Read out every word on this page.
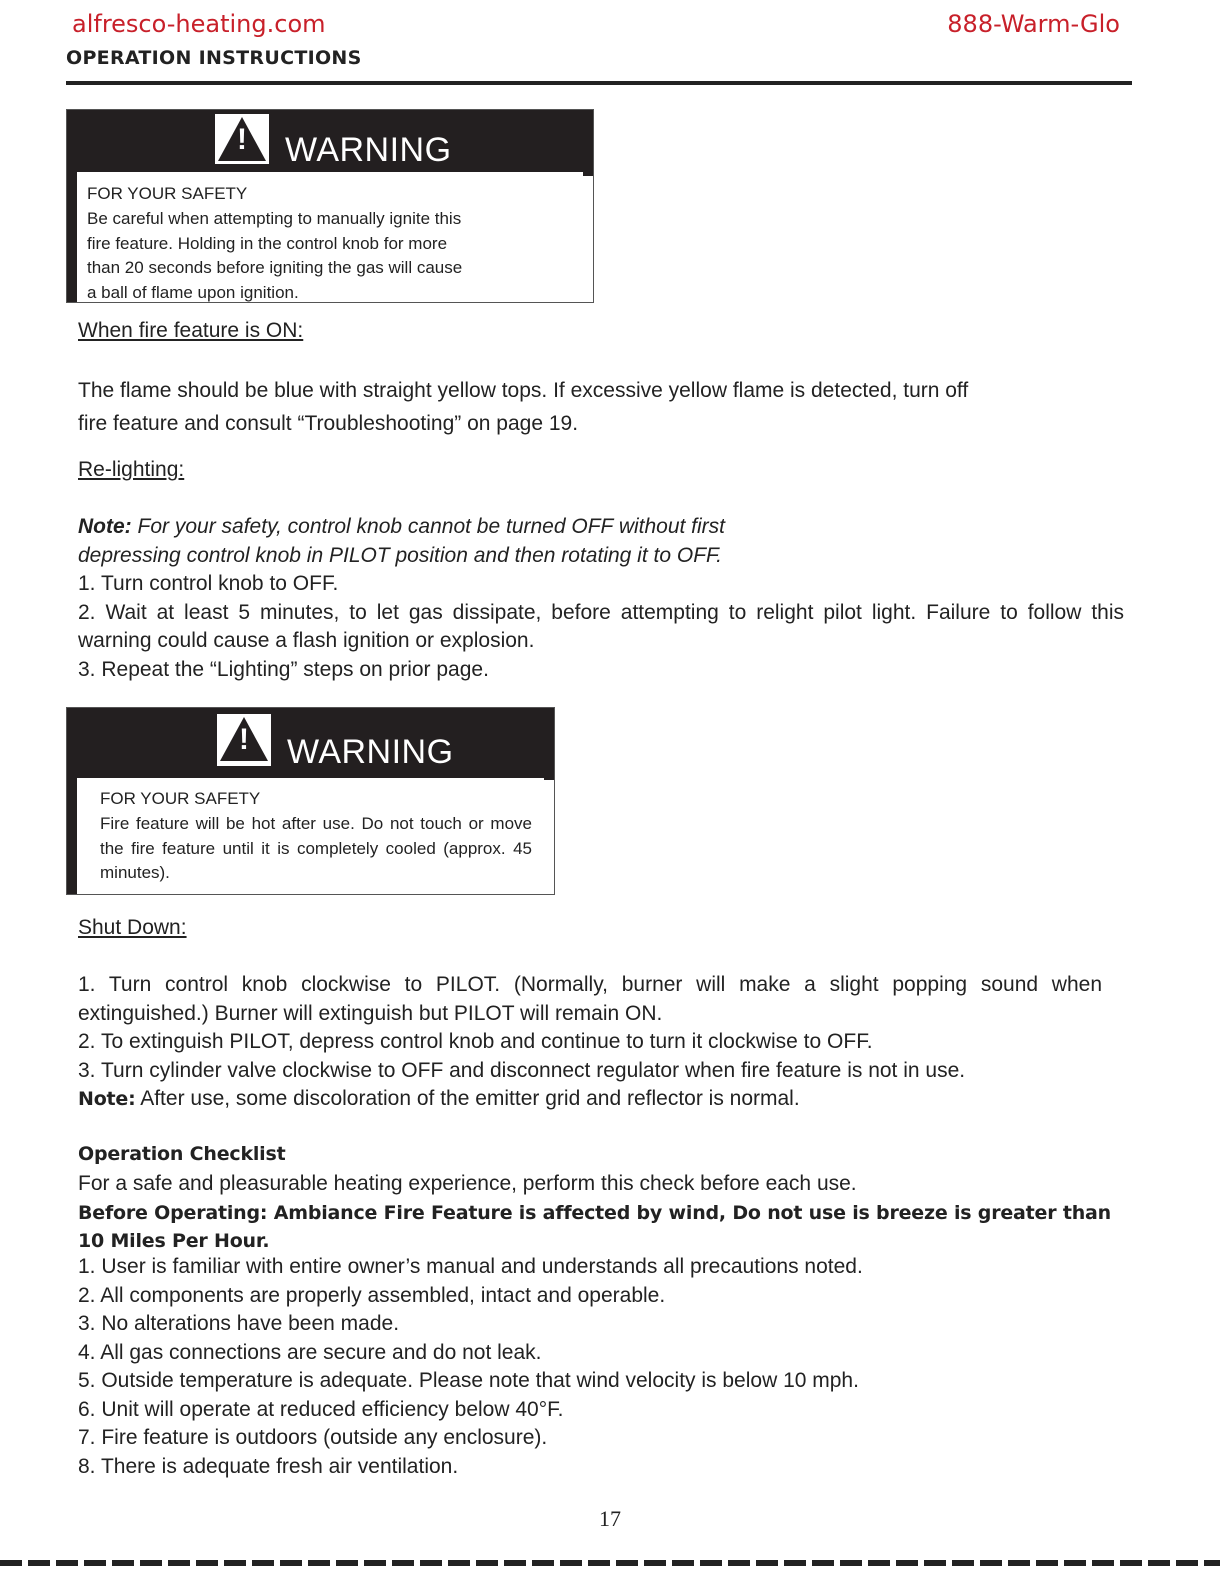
alfresco-heating.com	888-Warm-Glo
OPERATION INSTRUCTIONS
!	WARNING
FOR YOUR SAFETY
Be careful when attempting to manually ignite this
fire feature. Holding in the control knob for more
than 20 seconds before igniting the gas will cause
a ball of flame upon ignition.
When fire feature is ON:
The flame should be blue with straight yellow tops. If excessive yellow flame is detected, turn off
fire feature and consult “Troubleshooting” on page 19.
Re-lighting:
Note: For your safety, control knob cannot be turned OFF without first
depressing control knob in PILOT position and then rotating it to OFF.
1. Turn control knob to OFF.
2. Wait at least 5 minutes, to let gas dissipate, before attempting to relight pilot light. Failure to follow this warning could cause a flash ignition or explosion.
3. Repeat the “Lighting” steps on prior page.
!	WARNING
FOR YOUR SAFETY
Fire feature will be hot after use. Do not touch or move the fire feature until it is completely cooled (approx. 45 minutes).
Shut Down:
1. Turn control knob clockwise to PILOT. (Normally, burner will make a slight popping sound when extinguished.) Burner will extinguish but PILOT will remain ON.
2. To extinguish PILOT, depress control knob and continue to turn it clockwise to OFF.
3. Turn cylinder valve clockwise to OFF and disconnect regulator when fire feature is not in use.
Note: After use, some discoloration of the emitter grid and reflector is normal.
Operation Checklist
For a safe and pleasurable heating experience, perform this check before each use.
Before Operating: Ambiance Fire Feature is affected by wind, Do not use is breeze is greater than 10 Miles Per Hour.
1. User is familiar with entire owner’s manual and understands all precautions noted.
2. All components are properly assembled, intact and operable.
3. No alterations have been made.
4. All gas connections are secure and do not leak.
5. Outside temperature is adequate. Please note that wind velocity is below 10 mph.
6. Unit will operate at reduced efficiency below 40°F.
7. Fire feature is outdoors (outside any enclosure).
8. There is adequate fresh air ventilation.
17
